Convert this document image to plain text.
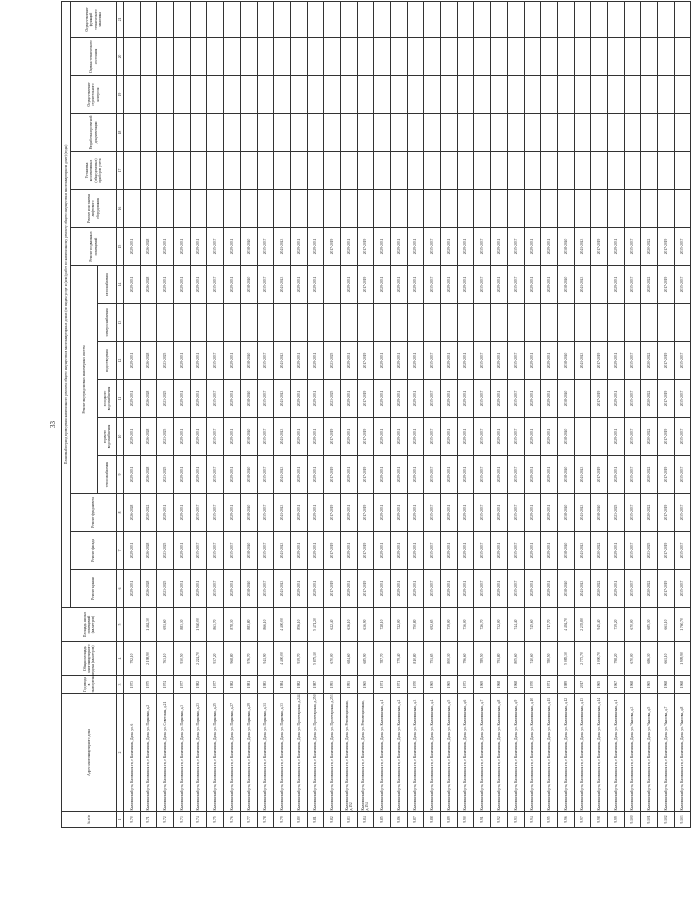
33
№ п/п	Адрес многоквартирного дома	Год ввода в эксплуатацию	Общая площадь многоквартирного дома (кв.метров)	Площадь жилых помещений (кв.метров)	Плановый период проведения капитального ремонта общего имущества в многоквартирных домах (по видам услуг и (или) работ по капитальному ремонту общего имущества в многоквартирном доме) (годы)															
					Ремонт крыши	Ремонт фасада	Ремонт фундамента	Ремонт внутридомовых инженерных систем						Ремонт подвальных помещений	Ремонт или замена лифтового оборудования	Установка коллективных (общедомовых) приборов учета	Разработка проектной документации	Осуществление строительного контроля	Оценка технического состояния	Осуществление функций технического заказчика
								теплоснабжения	горячего водоснабжения	холодного водоснабжения	водоотведения	электроснабжения	газоснабжения							
1	2	3	4	5	6	7	8	9	10	11	12	13	14	15	16	17	18	19	20	21
9.70	Калачинский р-н, Калачинск гп, г Калачинск, Дачн. ул. 6	1973	792,10		2029-2031	2029-2031	2026-2028	2029-2031	2029-2031	2029-2031	2029-2031		2029-2031	2029-2031						
9.71	Калачинский р-н, Калачинск гп, г Калачинск, Дачн. ул. Парковая, д.2	1975	2 198,90	1 462,30	2026-2028	2026-2028	2020-2022	2026-2028	2026-2028	2026-2028	2026-2028		2026-2028	2026-2028						
9.72	Калачинский р-н, Калачинск гп, г Калачинск, Дачн. ул. Советская, д.21	1974	763,10	691,60	2023-2025	2023-2025	2029-2031	2023-2025	2023-2025	2023-2025	2023-2025		2029-2031	2029-2031						
9.73	Калачинский р-н, Калачинск гп, г Калачинск, Дачн. ул. Парковая, д.3	1977	930,50	883,30	2029-2031	2029-2031	2029-2031	2029-2031	2029-2031	2029-2031	2029-2031		2029-2031	2029-2031						
9.74	Калачинский р-н, Калачинск гп, г Калачинск, Дачн. ул. Парковая, д.23	1982	2 224,70	1 940,00	2029-2031	2035-2037	2035-2037	2029-2031	2029-2031	2029-2031	2029-2031		2029-2031	2029-2031						
9.75	Калачинский р-н, Калачинск гп, г Калачинск, Дачн. ул. Парковая, д.25	1977	937,20	863,70	2035-2037	2035-2037	2035-2037	2035-2037	2035-2037	2035-2037	2035-2037		2035-2037	2035-2037						
9.76	Калачинский р-н, Калачинск гп, г Калачинск, Дачн. ул. Парковая, д.27	1982	968,80	878,30	2029-2031	2035-2037	2029-2031	2029-2031	2029-2031	2029-2031	2029-2031		2029-2031	2029-2031						
9.77	Калачинский р-н, Калачинск гп, г Калачинск, Дачн. ул. Парковая, д.29	1981	976,70	883,80	2038-2040	2038-2040	2038-2040	2038-2040	2038-2040	2038-2040	2038-2040		2038-2040	2038-2040						
9.78	Калачинский р-н, Калачинск гп, г Калачинск, Дачн. ул. Парковая, д.31	1983	941,90	866,10	2035-2037	2035-2037	2035-2037	2035-2037	2035-2037	2035-2037	2035-2037		2035-2037	2035-2037						
9.79	Калачинский р-н, Калачинск гп, г Калачинск, Дачн. ул. Парковая, д.33	1984	4 400,00	4 400,00	2041-2043	2041-2043	2041-2043	2041-2043	2041-2043	2041-2043	2041-2043		2041-2043	2041-2043						
9.80	Калачинский р-н, Калачинск гп, г Калачинск, Дачн. ул. Пролетарская, д.244	1982	939,70	856,10	2029-2031	2029-2031	2029-2031	2029-2031	2029-2031	2029-2031	2029-2031		2029-2031	2029-2031						
9.81	Калачинский р-н, Калачинск гп, г Калачинск, Дачн. ул. Пролетарская, д.250	1987	5 875,10	5 471,20	2029-2031	2029-2031	2029-2031	2029-2031	2029-2031	2029-2031	2029-2031		2029-2031	2029-2031						
9.82	Калачинский р-н, Калачинск гп, г Калачинск, Дачн. ул. Пролетарская, д.253	1993	670,00	622,40	2017-2019	2017-2019	2017-2019	2017-2019	2017-2019	2023-2025	2023-2025			2017-2019						
9.83	Калачинский р-н, Калачинск гп, г Калачинск, Дачн. ул. Революционная, д.152	1993	684,60	636,10	2029-2031	2029-2031	2029-2031	2029-2031	2029-2031	2029-2031	2029-2031		2029-2031	2029-2031						
9.84	Калачинский р-н, Калачинск гп, г Калачинск, Дачн. ул. Революционная, д.154	1965	685,90	636,90	2017-2019	2017-2019	2017-2019	2017-2019	2017-2019	2017-2019	2017-2019		2017-2019	2017-2019						
9.85	Калачинский р-н, Калачинск гп, г Калачинск, Дачн. ул. Калачинская, д.1	1971	787,70	728,10	2029-2031	2029-2031	2029-2031	2029-2031	2029-2031	2029-2031	2029-2031		2029-2031	2029-2031						
9.86	Калачинский р-н, Калачинск гп, г Калачинск, Дачн. ул. Калачинская, д.2	1971	779,40	722,00	2029-2031	2029-2031	2029-2031	2029-2031	2029-2031	2029-2031	2029-2031		2029-2031	2029-2031						
9.87	Калачинский р-н, Калачинск гп, г Калачинск, Дачн. ул. Калачинская, д.3	1970	810,80	750,80	2029-2031	2029-2031	2029-2031	2029-2031	2029-2031	2029-2031	2029-2031		2029-2031	2029-2031						
9.88	Калачинский р-н, Калачинск гп, г Калачинск, Дачн. ул. Калачинская, д.4	1965	751,65	692,65	2035-2037	2035-2037	2035-2037	2035-2037	2035-2037	2035-2037	2035-2037		2035-2037	2035-2037						
9.89	Калачинский р-н, Калачинск гп, г Калачинск, Дачн. ул. Калачинская, д.5	1965	800,30	739,00	2029-2031	2029-2031	2029-2031	2029-2031	2029-2031	2029-2031	2029-2031		2029-2031	2029-2031						
9.90	Калачинский р-н, Калачинск гп, г Калачинск, Дачн. ул. Калачинская, д.6	1973	796,60	736,00	2029-2031	2029-2031	2029-2031	2029-2031	2029-2031	2029-2031	2029-2031		2029-2031	2029-2031						
9.91	Калачинский р-н, Калачинск гп, г Калачинск, Дачн. ул. Калачинская, д.7	1969	789,50	726,70	2035-2037	2035-2037	2035-2037	2035-2037	2035-2037	2035-2037	2035-2037		2035-2037	2035-2037						
9.92	Калачинский р-н, Калачинск гп, г Калачинск, Дачн. ул. Калачинская, д.8	1968	791,80	732,00	2029-2031	2029-2031	2029-2031	2029-2031	2029-2031	2029-2031	2029-2031		2029-2031	2029-2031						
9.93	Калачинский р-н, Калачинск гп, г Калачинск, Дачн. ул. Калачинская, д.9	1968	805,60	744,40	2035-2037	2035-2037	2035-2037	2035-2037	2035-2037	2035-2037	2035-2037		2035-2037	2035-2037						
9.94	Калачинский р-н, Калачинск гп, г Калачинск, Дачн. ул. Калачинская, д.10	1970	740,60	745,60	2029-2031	2029-2031	2029-2031	2029-2031	2029-2031	2029-2031	2029-2031		2029-2031	2029-2031						
9.95	Калачинский р-н, Калачинск гп, г Калачинск, Дачн. ул. Калачинская, д.11	1971	780,50	717,70	2029-2031	2029-2031	2029-2031	2029-2031	2029-2031	2029-2031	2029-2031		2029-2031	2029-2031						
9.96	Калачинский р-н, Калачинск гп, г Калачинск, Дачн. ул. Калачинская, д.12	1989	5 085,30	4 494,70	2038-2040	2038-2040	2038-2040	2038-2040	2038-2040	2038-2040	2038-2040		2038-2040	2038-2040						
9.97	Калачинский р-н, Калачинск гп, г Калачинск, Дачн. ул. Калачинская, д.13	2017	2 773,70	2 235,80	2041-2043	2041-2043	2041-2043	2041-2043			2041-2043		2041-2043	2041-2043						
9.98	Калачинский р-н, Калачинск гп, г Калачинск, Дачн. ул. Калачинская, д.14	1965	1 000,70	945,40	2020-2022	2020-2022	2038-2040	2017-2019		2017-2019	2017-2019			2017-2019						
9.99	Калачинский р-н, Калачинск гп, г Калачинск, Дачн. ул. Калачинская, д.1	1967	798,20	739,20	2029-2031	2029-2031	2023-2025	2029-2031	2029-2031	2029-2031	2029-2031		2029-2031	2029-2031						
9.100	Калачинский р-н, Калачинск гп, г Калачинск, Дачн. ул. Чкалова, д.3	1968	670,00	670,00	2035-2037	2035-2037	2035-2037	2035-2037	2035-2037	2035-2037	2035-2037		2035-2037	2035-2037						
9.101	Калачинский р-н, Калачинск гп, г Калачинск, Дачн. ул. Чкалова, д.5	1965	686,30	685,30	2020-2022	2023-2025	2020-2022	2020-2022	2020-2022	2020-2022	2020-2022		2020-2022	2020-2022						
9.102	Калачинский р-н, Калачинск гп, г Калачинск, Дачн. ул. Чкалова, д.7	1968	661,10	661,10	2017-2019	2017-2019	2017-2019	2017-2019	2017-2019	2017-2019	2017-2019		2017-2019	2017-2019						
9.103	Калачинский р-н, Калачинск гп, г Калачинск, Дачн. ул. Чкалова, д.8	1968	1 909,90	1 760,70	2035-2037	2035-2037	2035-2037	2035-2037	2035-2037	2035-2037	2035-2037		2035-2037	2035-2037						
